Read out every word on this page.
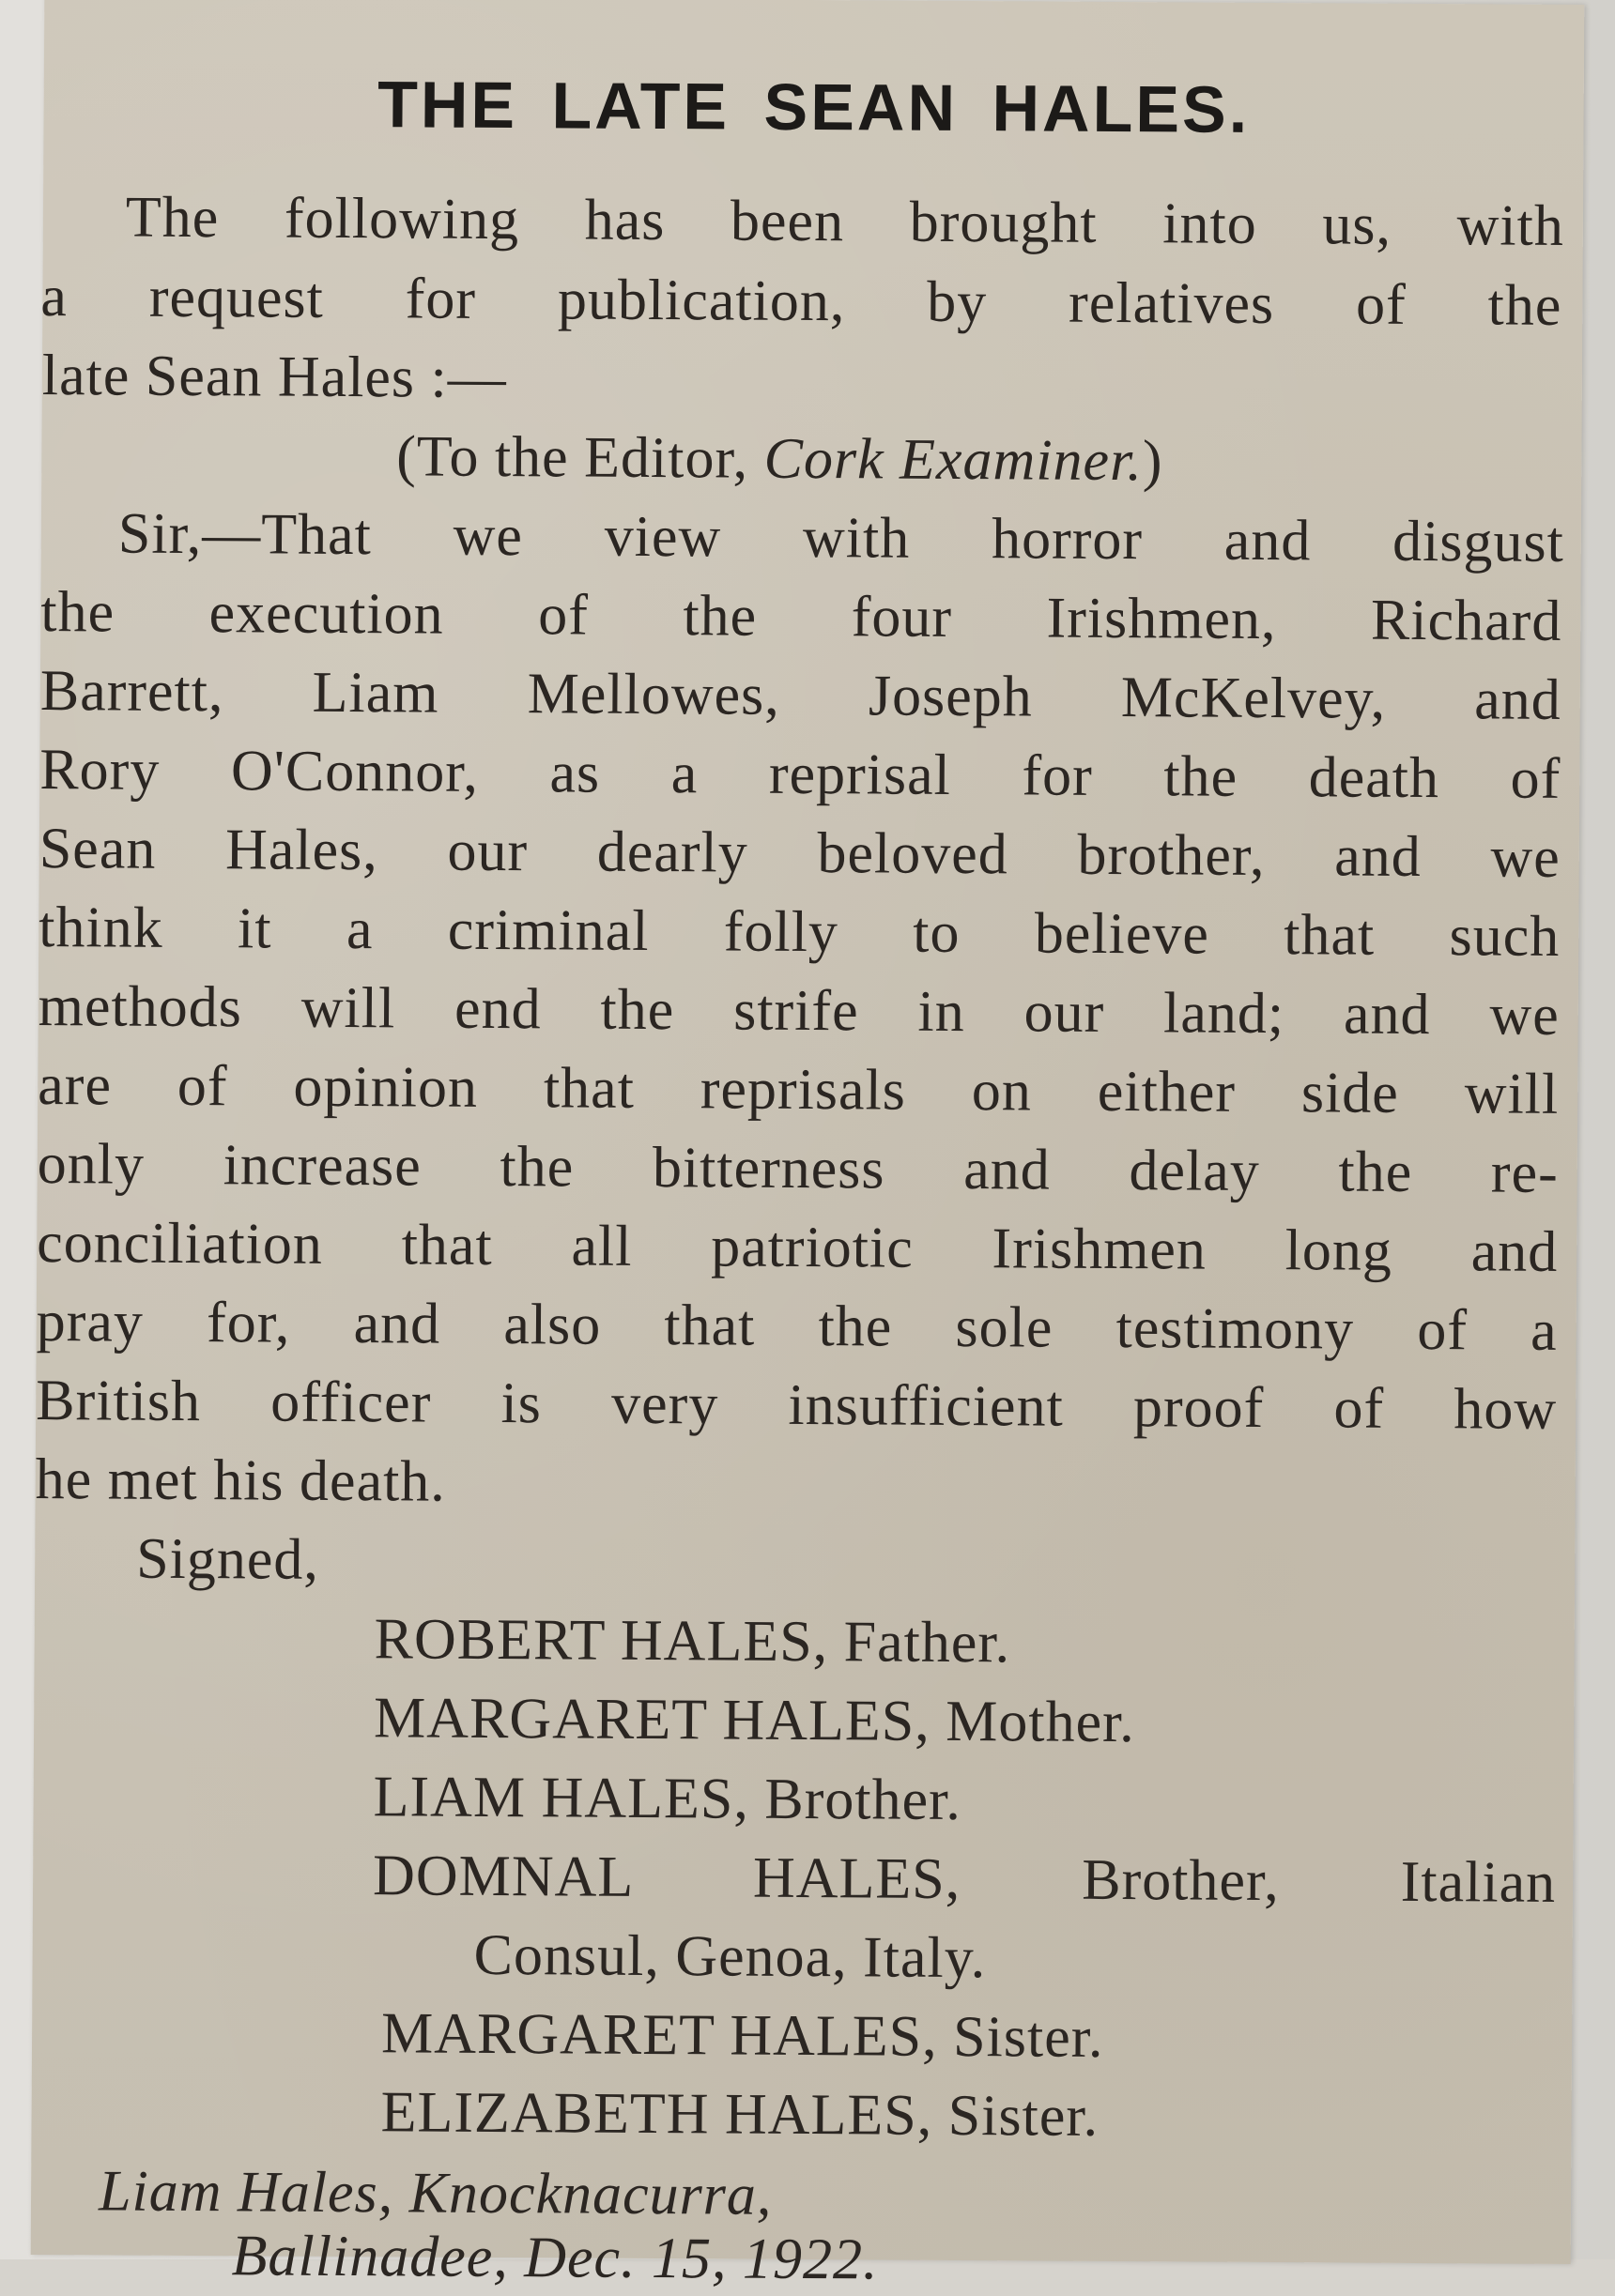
THE LATE SEAN HALES.
The following has been brought into us, with
a request for publication, by relatives of the
late Sean Hales :—
(To the Editor, Cork Examiner.)
Sir,—That we view with horror and disgust
the execution of the four Irishmen, Richard
Barrett, Liam Mellowes, Joseph McKelvey, and
Rory O'Connor, as a reprisal for the death of
Sean Hales, our dearly beloved brother, and we
think it a criminal folly to believe that such
methods will end the strife in our land; and we
are of opinion that reprisals on either side will
only increase the bitterness and delay the re-
conciliation that all patriotic Irishmen long and
pray for, and also that the sole testimony of a
British officer is very insufficient proof of how
he met his death.
Signed,
ROBERT HALES, Father.
MARGARET HALES, Mother.
LIAM HALES, Brother.
DOMNAL HALES, Brother, Italian
Consul, Genoa, Italy.
MARGARET HALES, Sister.
ELIZABETH HALES, Sister.
Liam Hales, Knocknacurra,
Ballinadee, Dec. 15, 1922.
